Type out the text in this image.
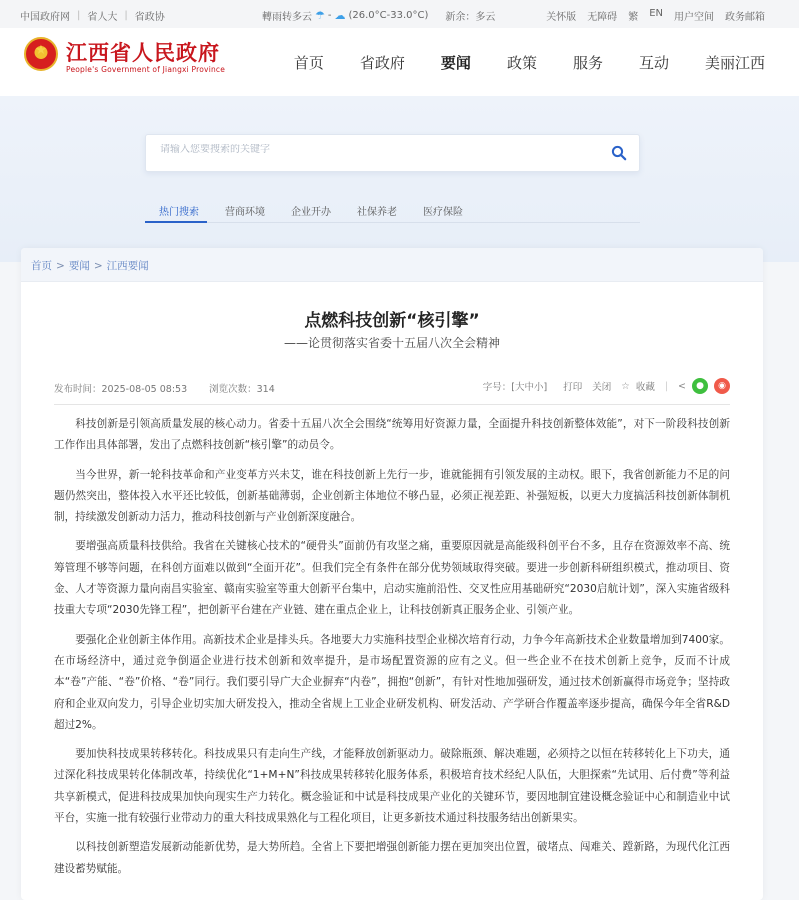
中国政府网 | 省人大 | 省政协	轉雨转多云 ☂ - ☁ (26.0°C-33.0°C) 新余：多云	关怀版 无障碍 繁 EN 用户空间 政务邮箱
★
江西省人民政府
People's Government of Jiangxi Province	首页 省政府 要闻 政策 服务 互动 美丽江西
请输入您要搜索的关键字
热门搜索	营商环境	企业开办	社保养老	医疗保险
首页 > 要闻 > 江西要闻
点燃科技创新“核引擎”
——论贯彻落实省委十五届八次全会精神
发布时间：2025-08-05 08:53 浏览次数：314	字号：[大中小] 打印 关闭 ☆ 收藏 | <	●	◉

科技创新是引领高质量发展的核心动力。省委十五届八次全会围绕“统筹用好资源力量，全面提升科技创新整体效能”，对下一阶段科技创新工作作出具体部署，发出了点燃科技创新“核引擎”的动员令。

当今世界，新一轮科技革命和产业变革方兴未艾，谁在科技创新上先行一步，谁就能拥有引领发展的主动权。眼下，我省创新能力不足的问题仍然突出，整体投入水平还比较低，创新基础薄弱，企业创新主体地位不够凸显，必须正视差距、补强短板，以更大力度搞活科技创新体制机制，持续激发创新动力活力，推动科技创新与产业创新深度融合。

要增强高质量科技供给。我省在关键核心技术的“硬骨头”面前仍有攻坚之痛，重要原因就是高能级科创平台不多，且存在资源效率不高、统筹管理不够等问题，在科创方面难以做到“全面开花”。但我们完全有条件在部分优势领域取得突破。要进一步创新科研组织模式，推动项目、资金、人才等资源力量向南昌实验室、赣南实验室等重大创新平台集中，启动实施前沿性、交叉性应用基础研究“2030启航计划”，深入实施省级科技重大专项“2030先锋工程”，把创新平台建在产业链、建在重点企业上，让科技创新真正服务企业、引领产业。

要强化企业创新主体作用。高新技术企业是排头兵。各地要大力实施科技型企业梯次培育行动，力争今年高新技术企业数量增加到7400家。在市场经济中，通过竞争倒逼企业进行技术创新和效率提升，是市场配置资源的应有之义。但一些企业不在技术创新上竞争，反而不计成本“卷”产能、“卷”价格、“卷”同行。我们要引导广大企业摒弃“内卷”，拥抱“创新”，有针对性地加强研发，通过技术创新赢得市场竞争；坚持政府和企业双向发力，引导企业切实加大研发投入，推动全省规上工业企业研发机构、研发活动、产学研合作覆盖率逐步提高，确保今年全省R&D超过2%。

要加快科技成果转移转化。科技成果只有走向生产线，才能释放创新驱动力。破除瓶颈、解决难题，必须持之以恒在转移转化上下功夫，通过深化科技成果转化体制改革，持续优化“1+M+N”科技成果转移转化服务体系，积极培育技术经纪人队伍，大胆探索“先试用、后付费”等利益共享新模式，促进科技成果加快向现实生产力转化。概念验证和中试是科技成果产业化的关键环节，要因地制宜建设概念验证中心和制造业中试平台，实施一批有较强行业带动力的重大科技成果熟化与工程化项目，让更多新技术通过科技服务结出创新果实。

以科技创新塑造发展新动能新优势，是大势所趋。全省上下要把增强创新能力摆在更加突出位置，破堵点、闯难关、蹚新路，为现代化江西建设蓄势赋能。
